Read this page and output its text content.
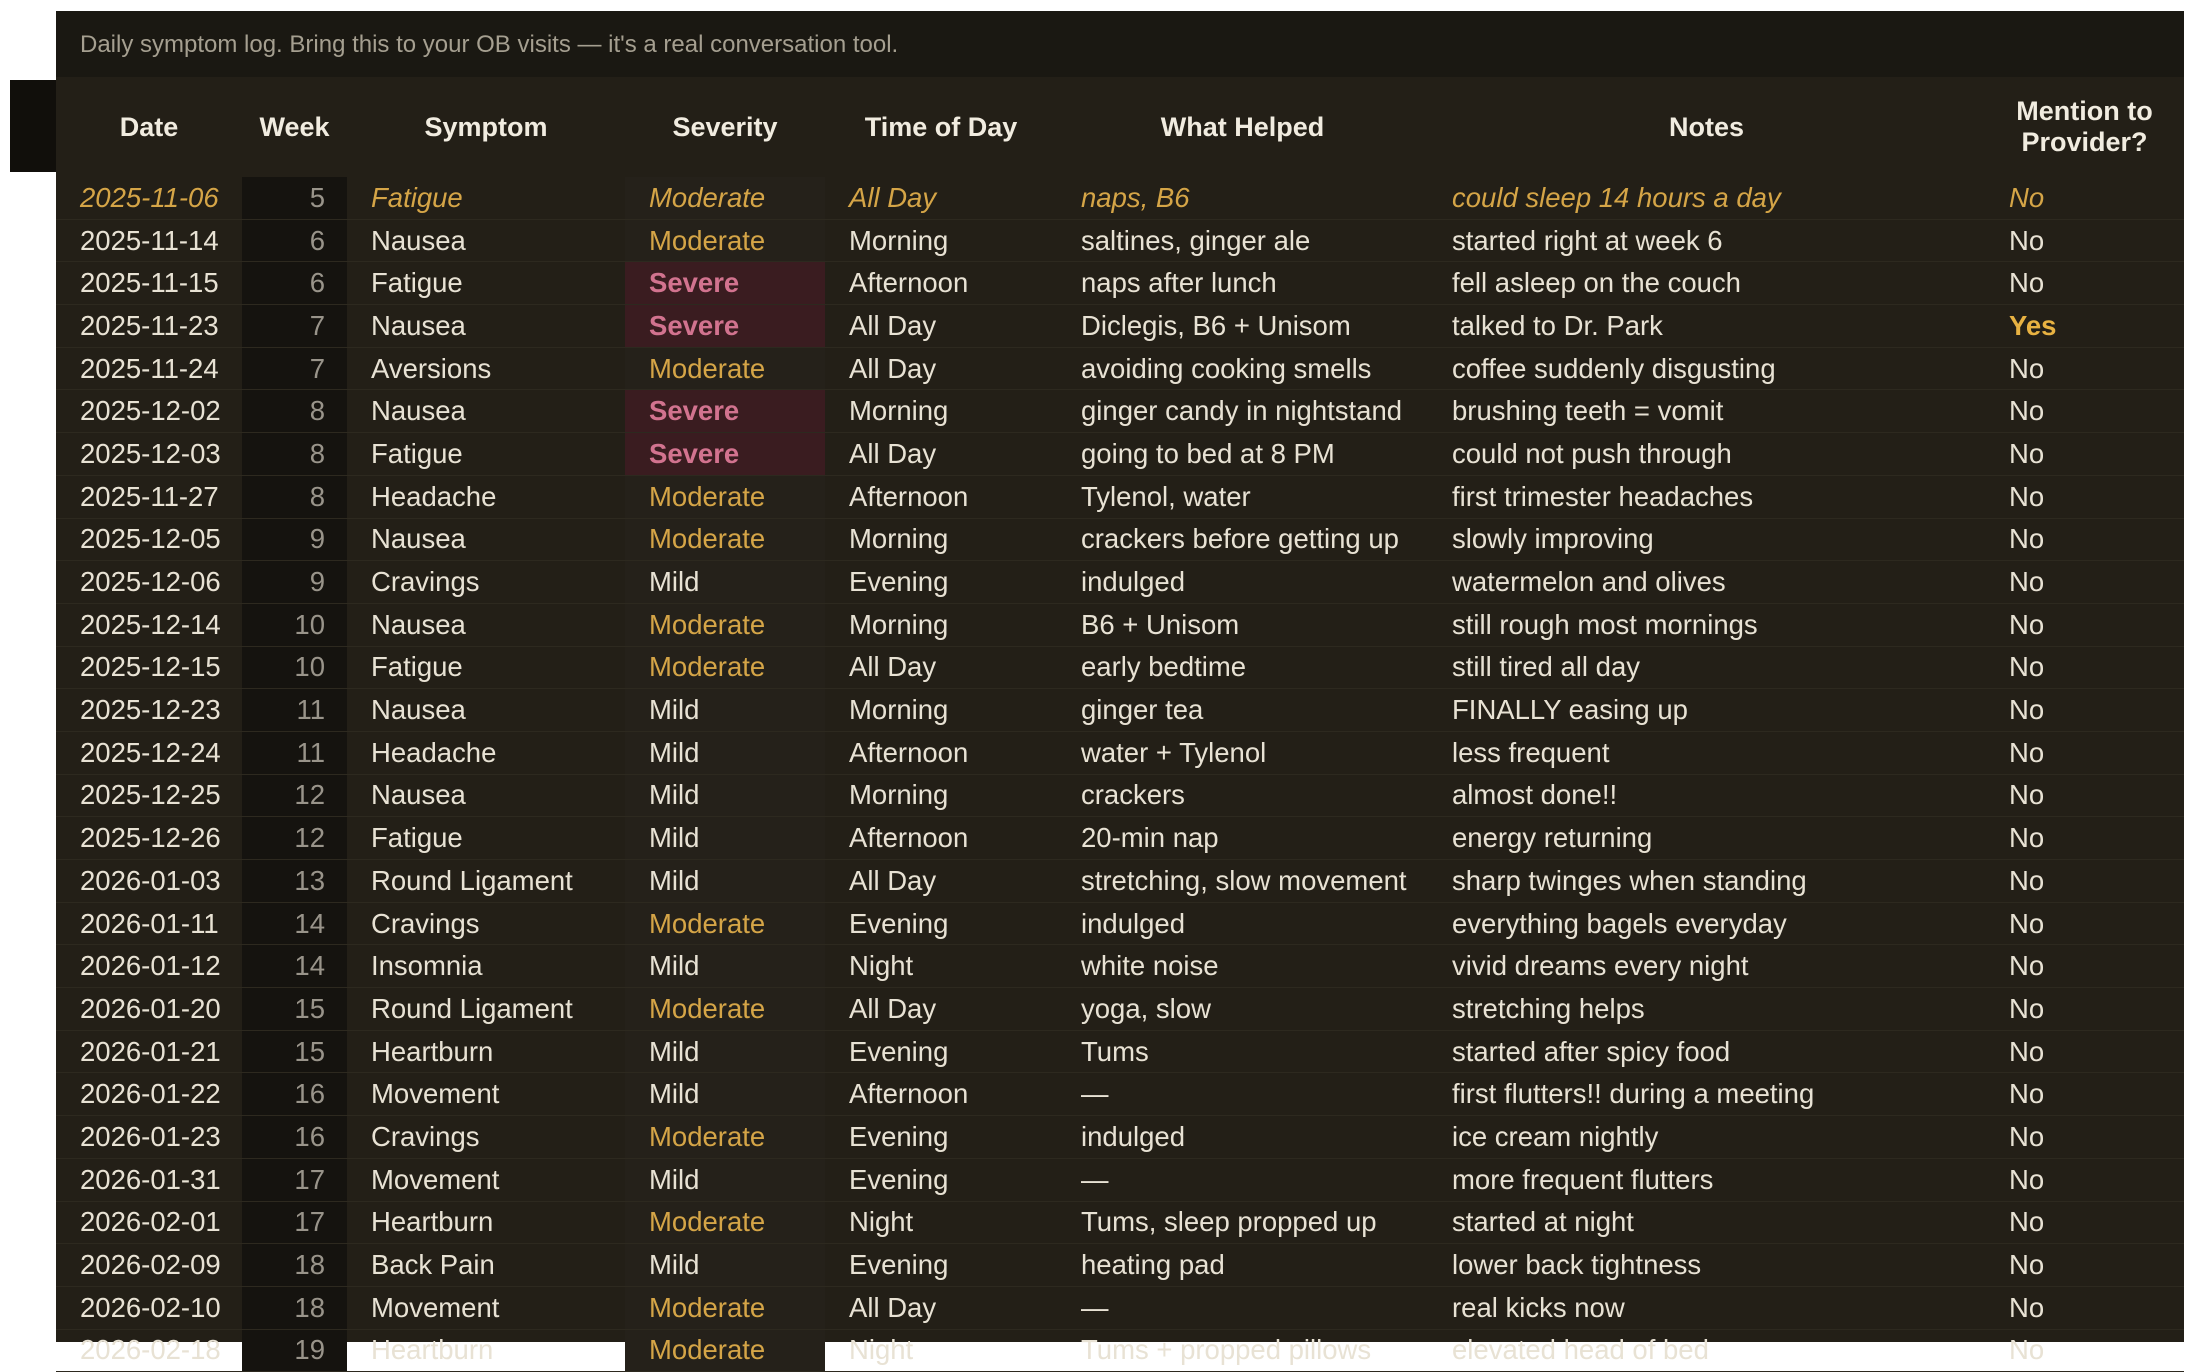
Daily symptom log. Bring this to your OB visits — it's a real conversation tool.
Date	Week	Symptom	Severity	Time of Day	What Helped	Notes	Mention to Provider?
2025-11-06	5	Fatigue	Moderate	All Day	naps, B6	could sleep 14 hours a day	No
2025-11-14	6	Nausea	Moderate	Morning	saltines, ginger ale	started right at week 6	No
2025-11-15	6	Fatigue	Severe	Afternoon	naps after lunch	fell asleep on the couch	No
2025-11-23	7	Nausea	Severe	All Day	Diclegis, B6 + Unisom	talked to Dr. Park	Yes
2025-11-24	7	Aversions	Moderate	All Day	avoiding cooking smells	coffee suddenly disgusting	No
2025-12-02	8	Nausea	Severe	Morning	ginger candy in nightstand	brushing teeth = vomit	No
2025-12-03	8	Fatigue	Severe	All Day	going to bed at 8 PM	could not push through	No
2025-11-27	8	Headache	Moderate	Afternoon	Tylenol, water	first trimester headaches	No
2025-12-05	9	Nausea	Moderate	Morning	crackers before getting up	slowly improving	No
2025-12-06	9	Cravings	Mild	Evening	indulged	watermelon and olives	No
2025-12-14	10	Nausea	Moderate	Morning	B6 + Unisom	still rough most mornings	No
2025-12-15	10	Fatigue	Moderate	All Day	early bedtime	still tired all day	No
2025-12-23	11	Nausea	Mild	Morning	ginger tea	FINALLY easing up	No
2025-12-24	11	Headache	Mild	Afternoon	water + Tylenol	less frequent	No
2025-12-25	12	Nausea	Mild	Morning	crackers	almost done!!	No
2025-12-26	12	Fatigue	Mild	Afternoon	20-min nap	energy returning	No
2026-01-03	13	Round Ligament	Mild	All Day	stretching, slow movement	sharp twinges when standing	No
2026-01-11	14	Cravings	Moderate	Evening	indulged	everything bagels everyday	No
2026-01-12	14	Insomnia	Mild	Night	white noise	vivid dreams every night	No
2026-01-20	15	Round Ligament	Moderate	All Day	yoga, slow	stretching helps	No
2026-01-21	15	Heartburn	Mild	Evening	Tums	started after spicy food	No
2026-01-22	16	Movement	Mild	Afternoon	—	first flutters!! during a meeting	No
2026-01-23	16	Cravings	Moderate	Evening	indulged	ice cream nightly	No
2026-01-31	17	Movement	Mild	Evening	—	more frequent flutters	No
2026-02-01	17	Heartburn	Moderate	Night	Tums, sleep propped up	started at night	No
2026-02-09	18	Back Pain	Mild	Evening	heating pad	lower back tightness	No
2026-02-10	18	Movement	Moderate	All Day	—	real kicks now	No
2026-02-18	19	Heartburn	Moderate	Night	Tums + propped pillows	elevated head of bed	No
